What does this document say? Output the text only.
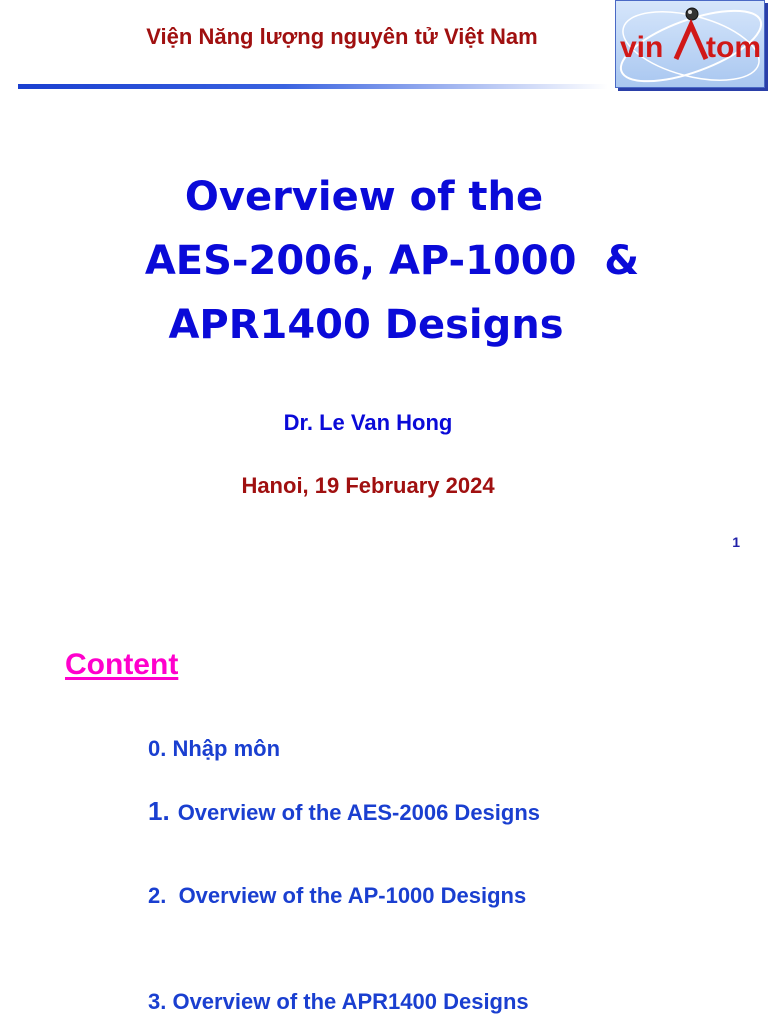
Viện Năng lượng nguyên tử Việt Nam	vin tom
Overview of the
AES-2006, AP-1000  &
APR1400 Designs
Dr. Le Van Hong
Hanoi, 19 February 2024
1
Content
0. Nhập môn
1. Overview of the AES-2006 Designs
2.  Overview of the AP-1000 Designs
3. Overview of the APR1400 Designs
